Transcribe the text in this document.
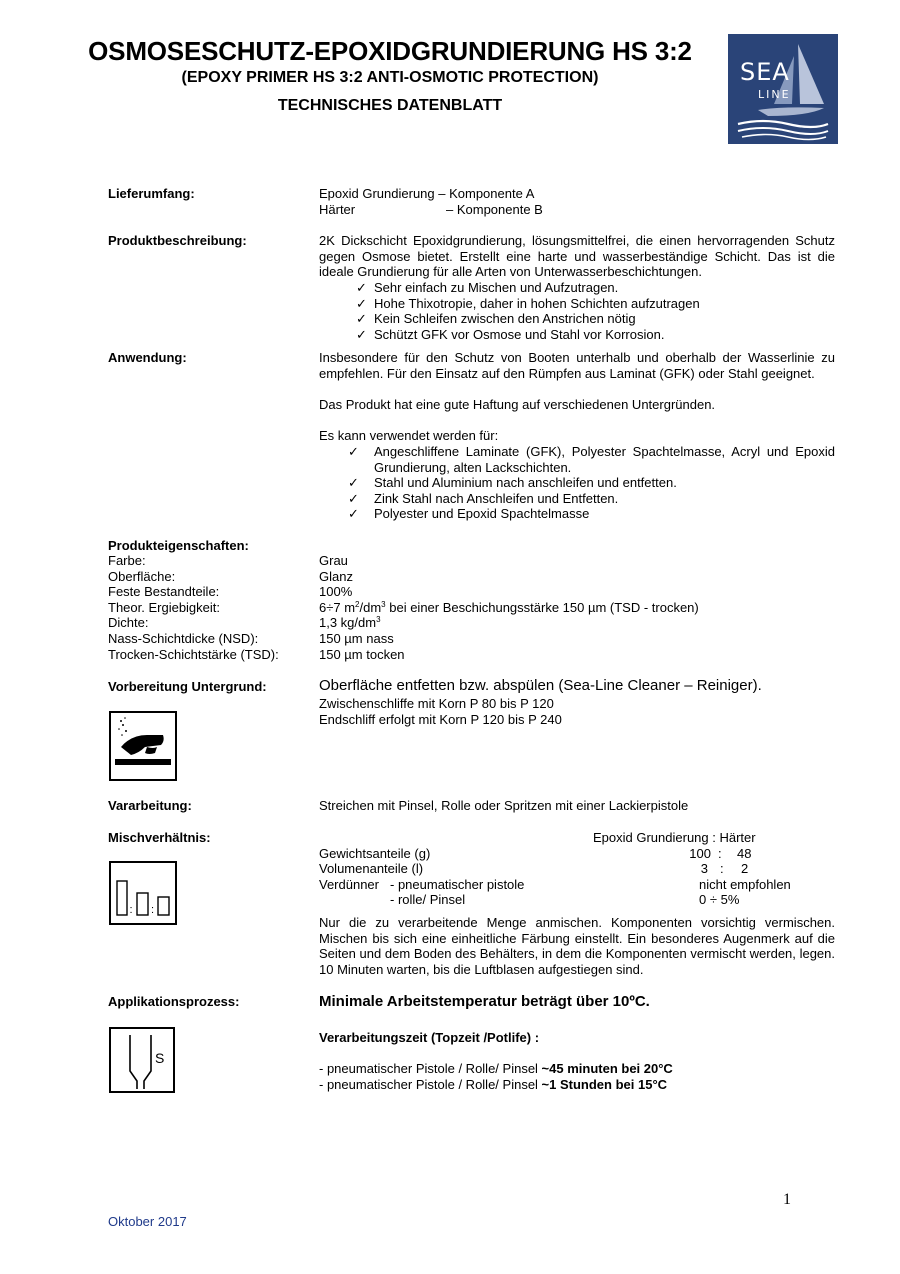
OSMOSESCHUTZ-EPOXIDGRUNDIERUNG HS 3:2
(EPOXY PRIMER HS 3:2 ANTI-OSMOTIC PROTECTION)
TECHNISCHES DATENBLATT
SEA
LINE
Lieferumfang:	Epoxid Grundierung – Komponente A
Härter	– Komponente B
Produktbeschreibung:	2K Dickschicht Epoxidgrundierung, lösungsmittelfrei, die einen hervorragenden Schutz gegen Osmose bietet. Erstellt eine harte und wasserbeständige Schicht. Das ist die ideale Grundierung für alle Arten von Unterwasserbeschichtungen.
✓ Sehr einfach zu Mischen und Aufzutragen.
✓ Hohe Thixotropie, daher in hohen Schichten aufzutragen
✓ Kein Schleifen zwischen den Anstrichen nötig
✓ Schützt GFK vor Osmose und Stahl vor Korrosion.
Anwendung:	Insbesondere für den Schutz von Booten unterhalb und oberhalb der Wasserlinie zu empfehlen. Für den Einsatz auf den Rümpfen aus Laminat (GFK) oder Stahl geeignet.
Das Produkt hat eine gute Haftung auf verschiedenen Untergründen.
Es kann verwendet werden für:
✓	Angeschliffene Laminate (GFK), Polyester Spachtelmasse, Acryl und Epoxid Grundierung, alten Lackschichten.
✓ Stahl und Aluminium nach anschleifen und entfetten.
✓ Zink Stahl nach Anschleifen und Entfetten.
✓ Polyester und Epoxid Spachtelmasse
Produkteigenschaften:
Farbe:	Grau
Oberfläche:	Glanz
Feste Bestandteile:	100%
Theor. Ergiebigkeit:	6÷7 $m^2/dm^3$ bei einer Beschichungsstärke 150 µm (TSD - trocken)
Dichte:	1,3 $kg/dm^3$
Nass-Schichtdicke (NSD):	150 µm nass
Trocken-Schichtstärke (TSD):	150 µm tocken
Vorbereitung Untergrund:	Oberfläche entfetten bzw. abspülen (Sea-Line Cleaner – Reiniger).
Zwischenschliffe mit Korn P 80 bis P 120
Endschliff erfolgt mit Korn P 120 bis P 240
Vararbeitung:	Streichen mit Pinsel, Rolle oder Spritzen mit einer Lackierpistole
Mischverhältnis:	Epoxid Grundierung : Härter
Gewichtsanteile (g)	100 : 48
Volumenanteile (l)	3 : 2
Verdünner - pneumatischer pistole	nicht empfohlen
- rolle/ Pinsel	0 ÷ 5%
: :
Nur die zu verarbeitende Menge anmischen. Komponenten vorsichtig vermischen. Mischen bis sich eine einheitliche Färbung einstellt. Ein besonderes Augenmerk auf die Seiten und dem Boden des Behälters, in dem die Komponenten vermischt werden, legen. 10 Minuten warten, bis die Luftblasen aufgestiegen sind.
Applikationsprozess:	Minimale Arbeitstemperatur beträgt über 10ºC.
Verarbeitungszeit (Topzeit /Potlife) :
- pneumatischer Pistole / Rolle/ Pinsel ~45 minuten bei 20°C
- pneumatischer Pistole / Rolle/ Pinsel ~1 Stunden bei 15°C
S
1
Oktober 2017
